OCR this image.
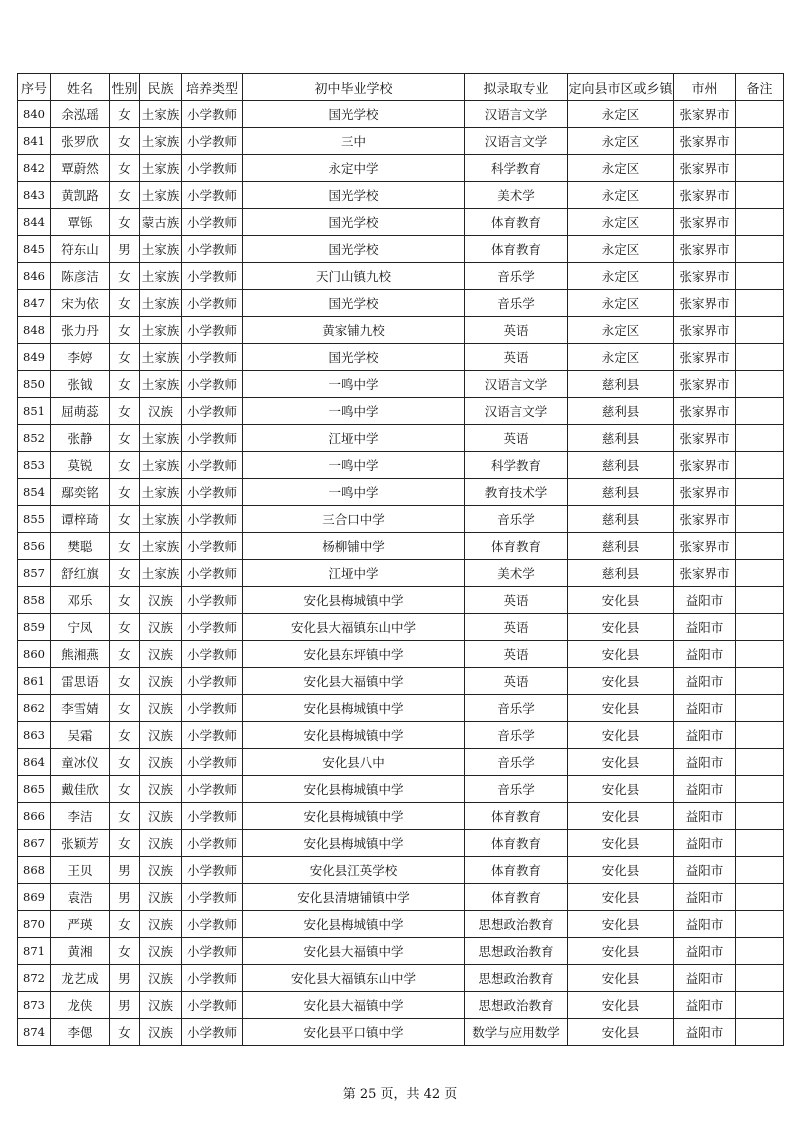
序号	姓名	性别	民族	培养类型	初中毕业学校	拟录取专业	定向县市区或乡镇	市州	备注
840	余泓瑶	女	土家族	小学教师	国光学校	汉语言文学	永定区	张家界市	
841	张罗欣	女	土家族	小学教师	三中	汉语言文学	永定区	张家界市	
842	覃蔚然	女	土家族	小学教师	永定中学	科学教育	永定区	张家界市	
843	黄凯路	女	土家族	小学教师	国光学校	美术学	永定区	张家界市	
844	覃铄	女	蒙古族	小学教师	国光学校	体育教育	永定区	张家界市	
845	符东山	男	土家族	小学教师	国光学校	体育教育	永定区	张家界市	
846	陈彦洁	女	土家族	小学教师	天门山镇九校	音乐学	永定区	张家界市	
847	宋为依	女	土家族	小学教师	国光学校	音乐学	永定区	张家界市	
848	张力丹	女	土家族	小学教师	黄家铺九校	英语	永定区	张家界市	
849	李婷	女	土家族	小学教师	国光学校	英语	永定区	张家界市	
850	张钺	女	土家族	小学教师	一鸣中学	汉语言文学	慈利县	张家界市	
851	屈萌蕊	女	汉族	小学教师	一鸣中学	汉语言文学	慈利县	张家界市	
852	张静	女	土家族	小学教师	江垭中学	英语	慈利县	张家界市	
853	莫锐	女	土家族	小学教师	一鸣中学	科学教育	慈利县	张家界市	
854	鄢奕铭	女	土家族	小学教师	一鸣中学	教育技术学	慈利县	张家界市	
855	谭梓琦	女	土家族	小学教师	三合口中学	音乐学	慈利县	张家界市	
856	樊聪	女	土家族	小学教师	杨柳铺中学	体育教育	慈利县	张家界市	
857	舒红旗	女	土家族	小学教师	江垭中学	美术学	慈利县	张家界市	
858	邓乐	女	汉族	小学教师	安化县梅城镇中学	英语	安化县	益阳市	
859	宁凤	女	汉族	小学教师	安化县大福镇东山中学	英语	安化县	益阳市	
860	熊湘燕	女	汉族	小学教师	安化县东坪镇中学	英语	安化县	益阳市	
861	雷思语	女	汉族	小学教师	安化县大福镇中学	英语	安化县	益阳市	
862	李雪婧	女	汉族	小学教师	安化县梅城镇中学	音乐学	安化县	益阳市	
863	吴霜	女	汉族	小学教师	安化县梅城镇中学	音乐学	安化县	益阳市	
864	童冰仪	女	汉族	小学教师	安化县八中	音乐学	安化县	益阳市	
865	戴佳欣	女	汉族	小学教师	安化县梅城镇中学	音乐学	安化县	益阳市	
866	李洁	女	汉族	小学教师	安化县梅城镇中学	体育教育	安化县	益阳市	
867	张颖芳	女	汉族	小学教师	安化县梅城镇中学	体育教育	安化县	益阳市	
868	王贝	男	汉族	小学教师	安化县江英学校	体育教育	安化县	益阳市	
869	袁浩	男	汉族	小学教师	安化县清塘铺镇中学	体育教育	安化县	益阳市	
870	严瑛	女	汉族	小学教师	安化县梅城镇中学	思想政治教育	安化县	益阳市	
871	黄湘	女	汉族	小学教师	安化县大福镇中学	思想政治教育	安化县	益阳市	
872	龙艺成	男	汉族	小学教师	安化县大福镇东山中学	思想政治教育	安化县	益阳市	
873	龙侠	男	汉族	小学教师	安化县大福镇中学	思想政治教育	安化县	益阳市	
874	李偲	女	汉族	小学教师	安化县平口镇中学	数学与应用数学	安化县	益阳市	
第 25 页，共 42 页
